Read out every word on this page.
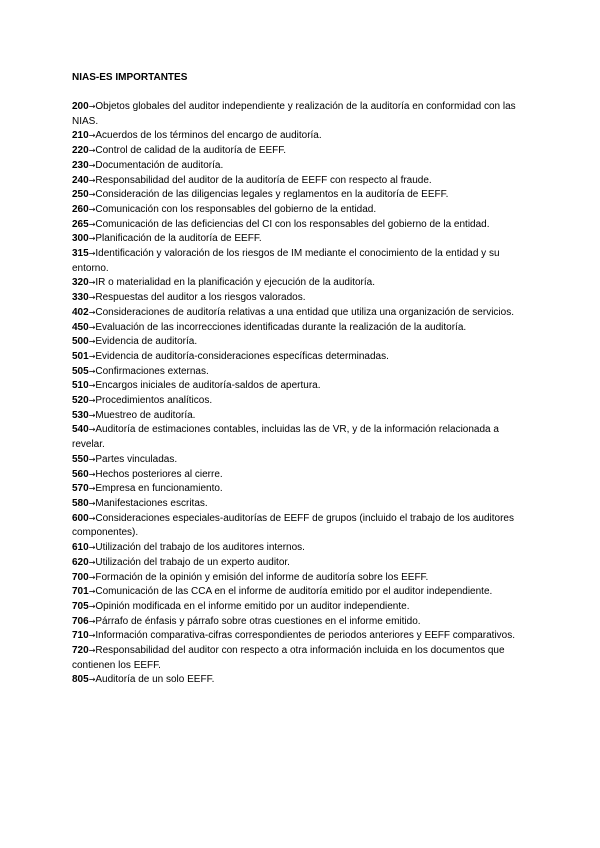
NIAS-ES IMPORTANTES

200→Objetos globales del auditor independiente y realización de la auditoría en conformidad con las NIAS.
210→Acuerdos de los términos del encargo de auditoría.
220→Control de calidad de la auditoría de EEFF.
230→Documentación de auditoría.
240→Responsabilidad del auditor de la auditoría de EEFF con respecto al fraude.
250→Consideración de las diligencias legales y reglamentos en la auditoría de EEFF.
260→Comunicación con los responsables del gobierno de la entidad.
265→Comunicación de las deficiencias del CI con los responsables del gobierno de la entidad.
300→Planificación de la auditoría de EEFF.
315→Identificación y valoración de los riesgos de IM mediante el conocimiento de la entidad y su entorno.
320→IR o materialidad en la planificación y ejecución de la auditoría.
330→Respuestas del auditor a los riesgos valorados.
402→Consideraciones de auditoría relativas a una entidad que utiliza una organización de servicios.
450→Evaluación de las incorrecciones identificadas durante la realización de la auditoría.
500→Evidencia de auditoría.
501→Evidencia de auditoría-consideraciones específicas determinadas.
505→Confirmaciones externas.
510→Encargos iniciales de auditoría-saldos de apertura.
520→Procedimientos analíticos.
530→Muestreo de auditoría.
540→Auditoría de estimaciones contables, incluidas las de VR, y de la información relacionada a revelar.
550→Partes vinculadas.
560→Hechos posteriores al cierre.
570→Empresa en funcionamiento.
580→Manifestaciones escritas.
600→Consideraciones especiales-auditorías de EEFF de grupos (incluido el trabajo de los auditores componentes).
610→Utilización del trabajo de los auditores internos.
620→Utilización del trabajo de un experto auditor.
700→Formación de la opinión y emisión del informe de auditoría sobre los EEFF.
701→Comunicación de las CCA en el informe de auditoría emitido por el auditor independiente.
705→Opinión modificada en el informe emitido por un auditor independiente.
706→Párrafo de énfasis y párrafo sobre otras cuestiones en el informe emitido.
710→Información comparativa-cifras correspondientes de periodos anteriores y EEFF comparativos.
720→Responsabilidad del auditor con respecto a otra información incluida en los documentos que contienen los EEFF.
805→Auditoría de un solo EEFF.
